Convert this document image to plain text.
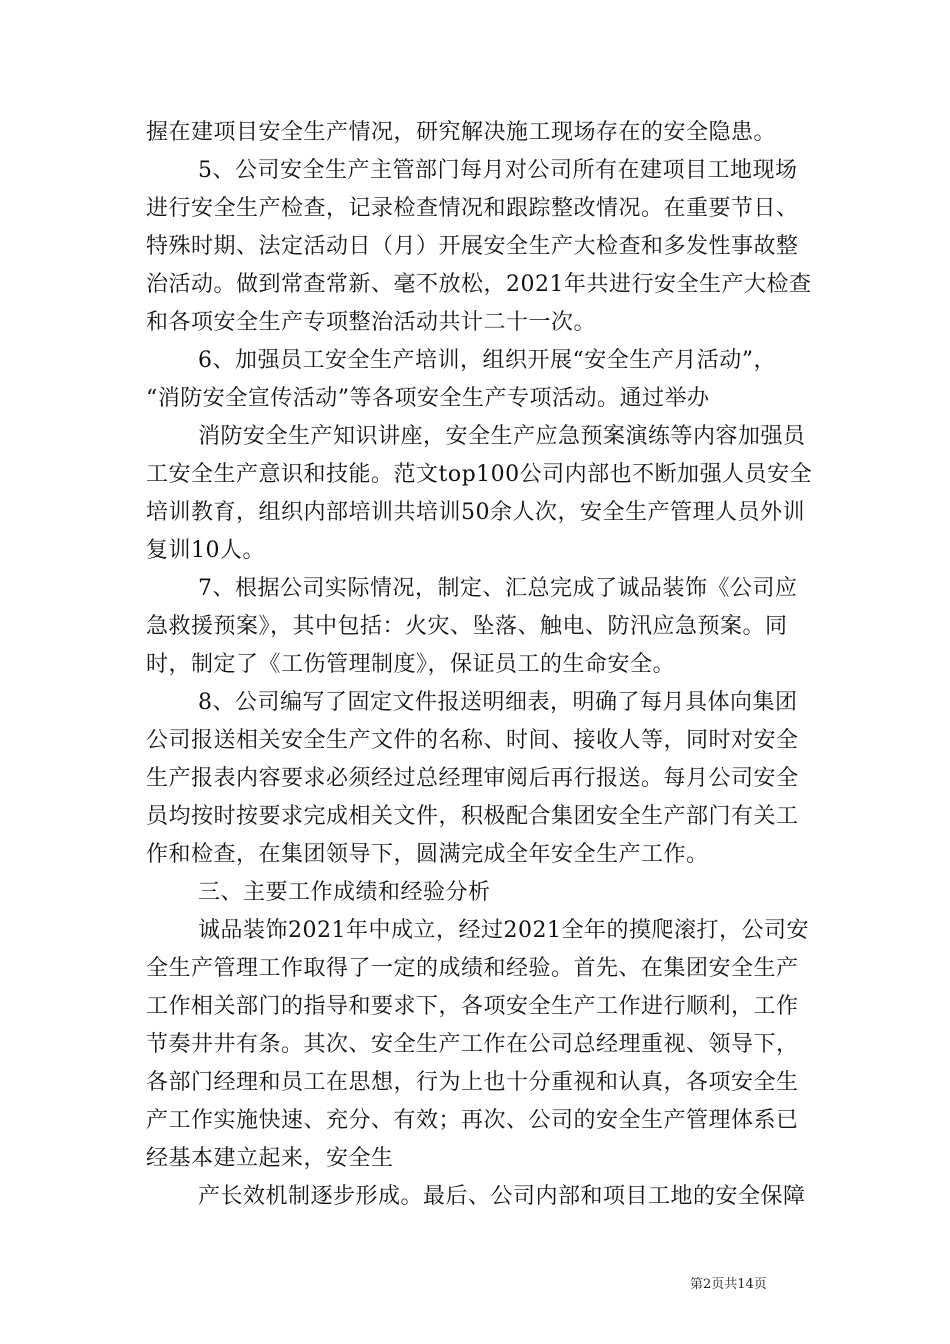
握在建项目安全生产情况，研究解决施工现场存在的安全隐患。
5、公司安全生产主管部门每月对公司所有在建项目工地现场
进行安全生产检查，记录检查情况和跟踪整改情况。在重要节日、
特殊时期、法定活动日（月）开展安全生产大检查和多发性事故整
治活动。做到常查常新、毫不放松，2021年共进行安全生产大检查
和各项安全生产专项整治活动共计二十一次。
6、加强员工安全生产培训，组织开展“安全生产月活动”，
“消防安全宣传活动”等各项安全生产专项活动。通过举办
消防安全生产知识讲座，安全生产应急预案演练等内容加强员
工安全生产意识和技能。范文top100公司内部也不断加强人员安全
培训教育，组织内部培训共培训50余人次，安全生产管理人员外训
复训10人。
7、根据公司实际情况，制定、汇总完成了诚品装饰《公司应
急救援预案》，其中包括：火灾、坠落、触电、防汛应急预案。同
时，制定了《工伤管理制度》，保证员工的生命安全。
8、公司编写了固定文件报送明细表，明确了每月具体向集团
公司报送相关安全生产文件的名称、时间、接收人等，同时对安全
生产报表内容要求必须经过总经理审阅后再行报送。每月公司安全
员均按时按要求完成相关文件，积极配合集团安全生产部门有关工
作和检查，在集团领导下，圆满完成全年安全生产工作。
三、主要工作成绩和经验分析
诚品装饰2021年中成立，经过2021全年的摸爬滚打，公司安
全生产管理工作取得了一定的成绩和经验。首先、在集团安全生产
工作相关部门的指导和要求下，各项安全生产工作进行顺利，工作
节奏井井有条。其次、安全生产工作在公司总经理重视、领导下，
各部门经理和员工在思想，行为上也十分重视和认真，各项安全生
产工作实施快速、充分、有效；再次、公司的安全生产管理体系已
经基本建立起来，安全生
产长效机制逐步形成。最后、公司内部和项目工地的安全保障
第2页共14页
